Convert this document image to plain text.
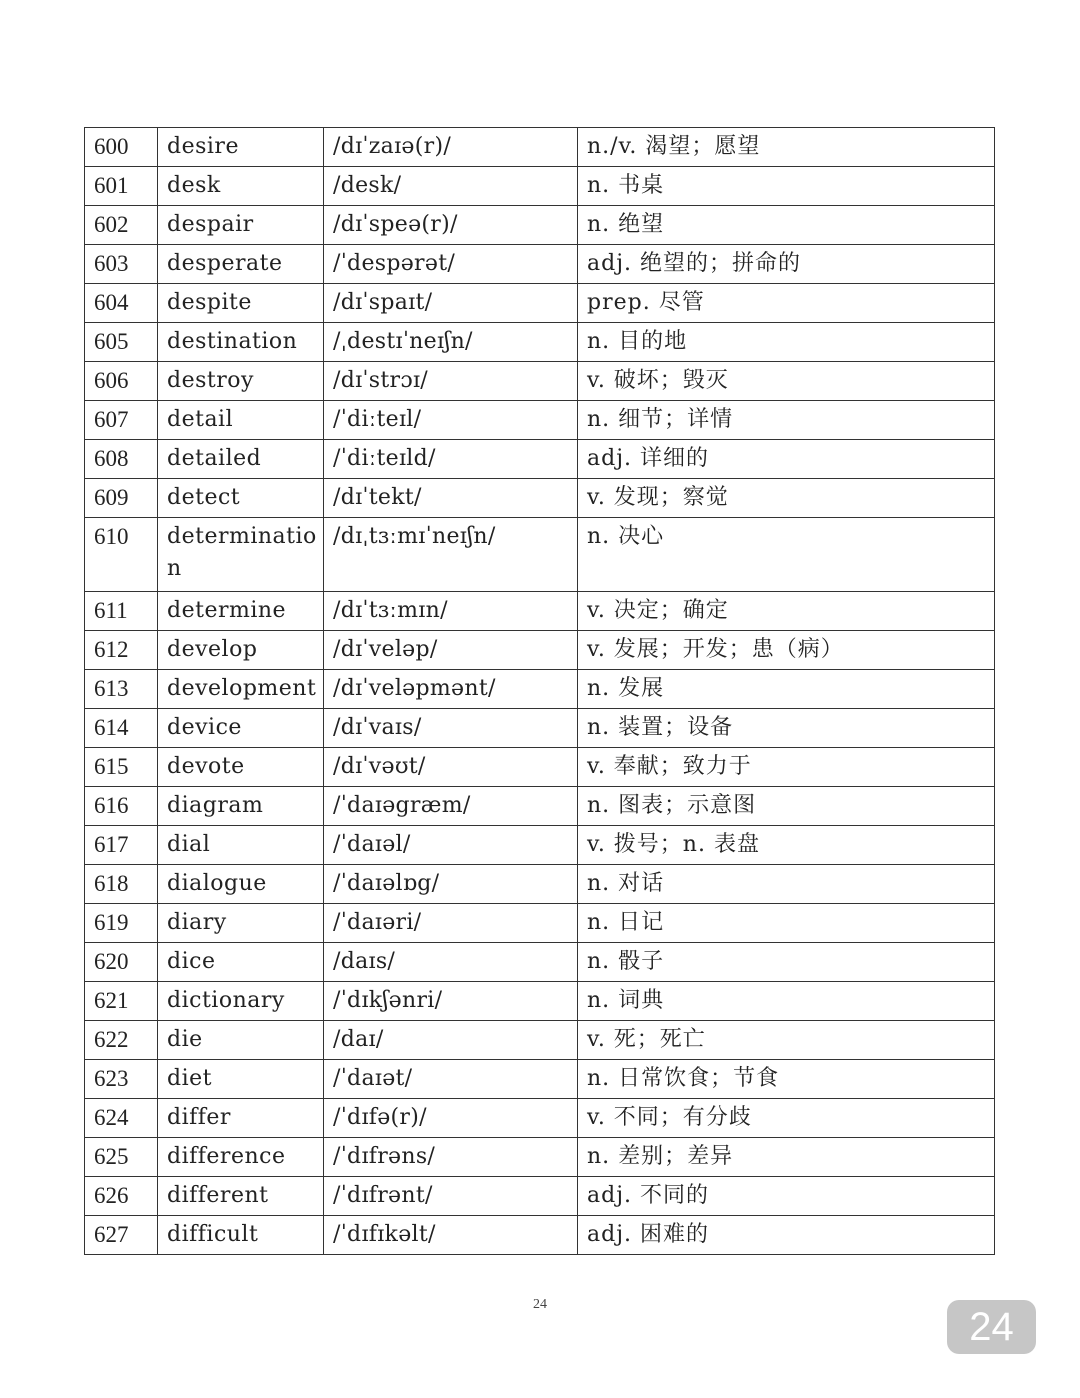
600	desire	/dɪˈzaɪə(r)/	n./v. 渴望；愿望
601	desk	/desk/	n. 书桌
602	despair	/dɪˈspeə(r)/	n. 绝望
603	desperate	/ˈdespərət/	adj. 绝望的；拼命的
604	despite	/dɪˈspaɪt/	prep. 尽管
605	destination	/ˌdestɪˈneɪʃn/	n. 目的地
606	destroy	/dɪˈstrɔɪ/	v. 破坏；毁灭
607	detail	/ˈdiːteɪl/	n. 细节；详情
608	detailed	/ˈdiːteɪld/	adj. 详细的
609	detect	/dɪˈtekt/	v. 发现；察觉
610	determination	/dɪˌtɜːmɪˈneɪʃn/	n. 决心
611	determine	/dɪˈtɜːmɪn/	v. 决定；确定
612	develop	/dɪˈveləp/	v. 发展；开发；患（病）
613	development	/dɪˈveləpmənt/	n. 发展
614	device	/dɪˈvaɪs/	n. 装置；设备
615	devote	/dɪˈvəʊt/	v. 奉献；致力于
616	diagram	/ˈdaɪəgræm/	n. 图表；示意图
617	dial	/ˈdaɪəl/	v. 拨号；n. 表盘
618	dialogue	/ˈdaɪəlɒg/	n. 对话
619	diary	/ˈdaɪəri/	n. 日记
620	dice	/daɪs/	n. 骰子
621	dictionary	/ˈdɪkʃənri/	n. 词典
622	die	/daɪ/	v. 死；死亡
623	diet	/ˈdaɪət/	n. 日常饮食；节食
624	differ	/ˈdɪfə(r)/	v. 不同；有分歧
625	difference	/ˈdɪfrəns/	n. 差别；差异
626	different	/ˈdɪfrənt/	adj. 不同的
627	difficult	/ˈdɪfɪkəlt/	adj. 困难的
24
24
